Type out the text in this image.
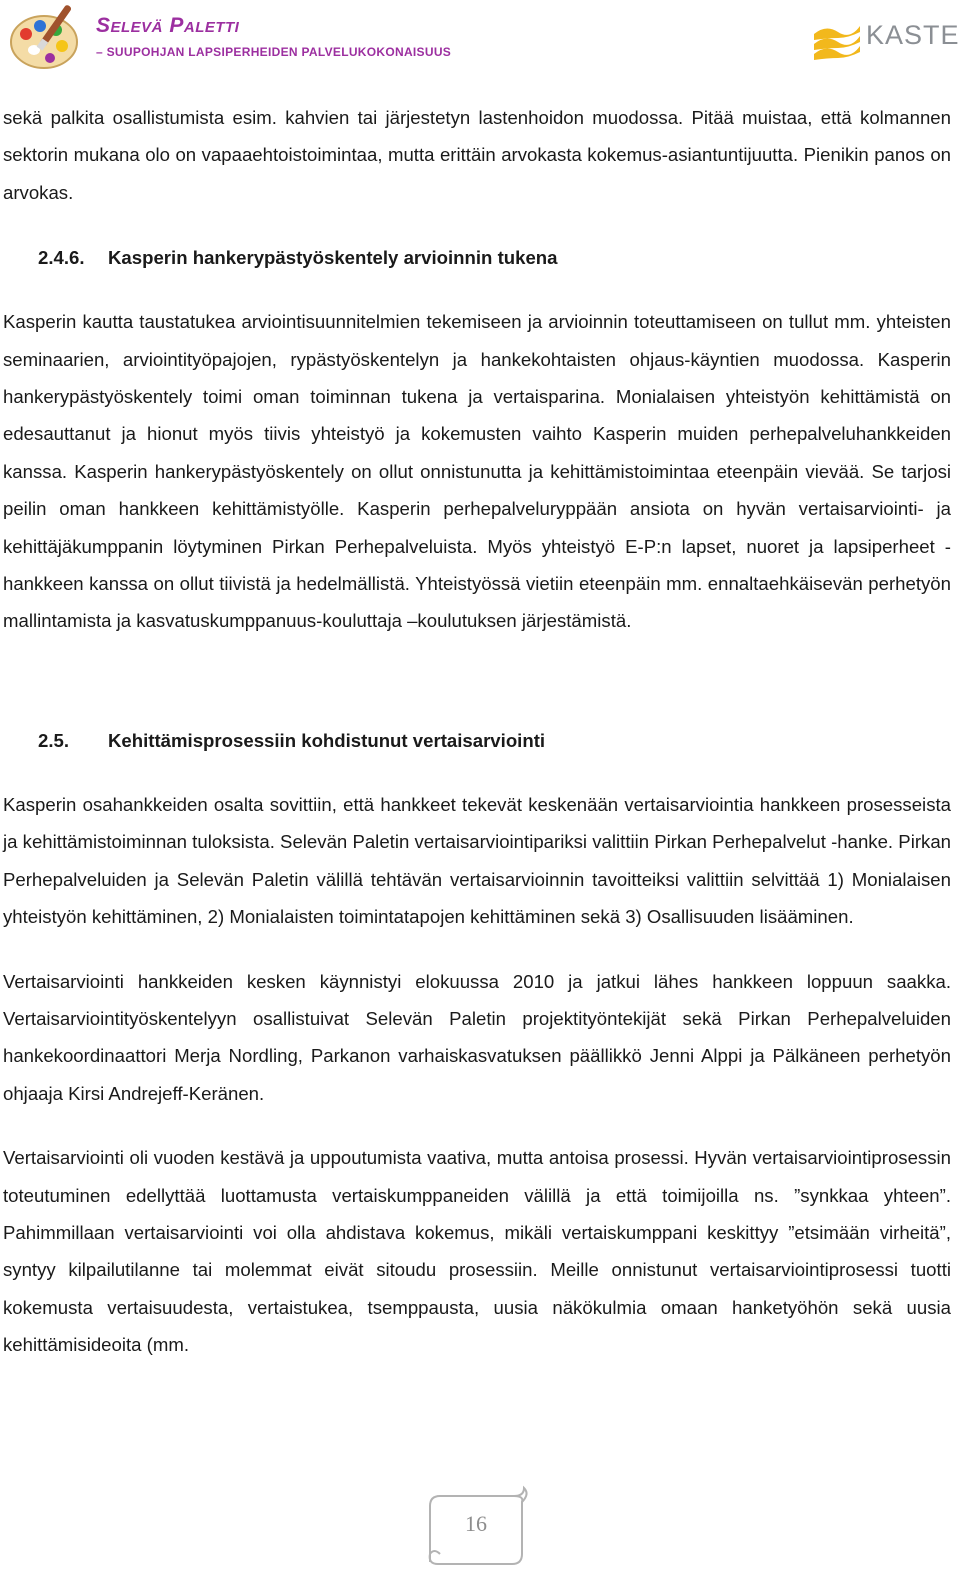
Selevä Paletti
– SUUPOHJAN LAPSIPERHEIDEN PALVELUKOKONAISUUS
KASTE

sekä palkita osallistumista esim. kahvien tai järjestetyn lastenhoidon muodossa. Pitää muistaa, että kolmannen sektorin mukana olo on vapaaehtoistoimintaa, mutta erittäin arvokasta kokemus-asiantuntijuutta. Pienikin panos on arvokas.

2.4.6.	Kasperin hankerypästyöskentely arvioinnin tukena

Kasperin kautta taustatukea arviointisuunnitelmien tekemiseen ja arvioinnin toteuttamiseen on tullut mm. yhteisten seminaarien, arviointityöpajojen, rypästyöskentelyn ja hankekohtaisten ohjaus-käyntien muodossa. Kasperin hankerypästyöskentely toimi oman toiminnan tukena ja vertaisparina. Monialaisen yhteistyön kehittämistä on edesauttanut ja hionut myös tiivis yhteistyö ja kokemusten vaihto Kasperin muiden perhepalveluhankkeiden kanssa. Kasperin hankerypästyöskentely on ollut onnistunutta ja kehittämistoimintaa eteenpäin vievää. Se tarjosi peilin oman hankkeen kehittämistyölle. Kasperin perhepalveluryppään ansiota on hyvän vertaisarviointi- ja kehittäjäkumppanin löytyminen Pirkan Perhepalveluista. Myös yhteistyö E-P:n lapset, nuoret ja lapsiperheet -hankkeen kanssa on ollut tiivistä ja hedelmällistä. Yhteistyössä vietiin eteenpäin mm. ennaltaehkäisevän perhetyön mallintamista ja kasvatuskumppanuus-kouluttaja –koulutuksen järjestämistä.

2.5.	Kehittämisprosessiin kohdistunut vertaisarviointi

Kasperin osahankkeiden osalta sovittiin, että hankkeet tekevät keskenään vertaisarviointia hankkeen prosesseista ja kehittämistoiminnan tuloksista. Selevän Paletin vertaisarviointipariksi valittiin Pirkan Perhepalvelut -hanke. Pirkan Perhepalveluiden ja Selevän Paletin välillä tehtävän vertaisarvioinnin tavoitteiksi valittiin selvittää 1) Monialaisen yhteistyön kehittäminen, 2) Monialaisten toimintatapojen kehittäminen sekä 3) Osallisuuden lisääminen.

Vertaisarviointi hankkeiden kesken käynnistyi elokuussa 2010 ja jatkui lähes hankkeen loppuun saakka. Vertaisarviointityöskentelyyn osallistuivat Selevän Paletin projektityöntekijät sekä Pirkan Perhepalveluiden hankekoordinaattori Merja Nordling, Parkanon varhaiskasvatuksen päällikkö Jenni Alppi ja Pälkäneen perhetyön ohjaaja Kirsi Andrejeff-Keränen.

Vertaisarviointi oli vuoden kestävä ja uppoutumista vaativa, mutta antoisa prosessi. Hyvän vertaisarviointiprosessin toteutuminen edellyttää luottamusta vertaiskumppaneiden välillä ja että toimijoilla ns. ”synkkaa yhteen”. Pahimmillaan vertaisarviointi voi olla ahdistava kokemus, mikäli vertaiskumppani keskittyy ”etsimään virheitä”, syntyy kilpailutilanne tai molemmat eivät sitoudu prosessiin. Meille onnistunut vertaisarviointiprosessi tuotti kokemusta vertaisuudesta, vertaistukea, tsemppausta, uusia näkökulmia omaan hanketyöhön sekä uusia kehittämisideoita (mm.

16
